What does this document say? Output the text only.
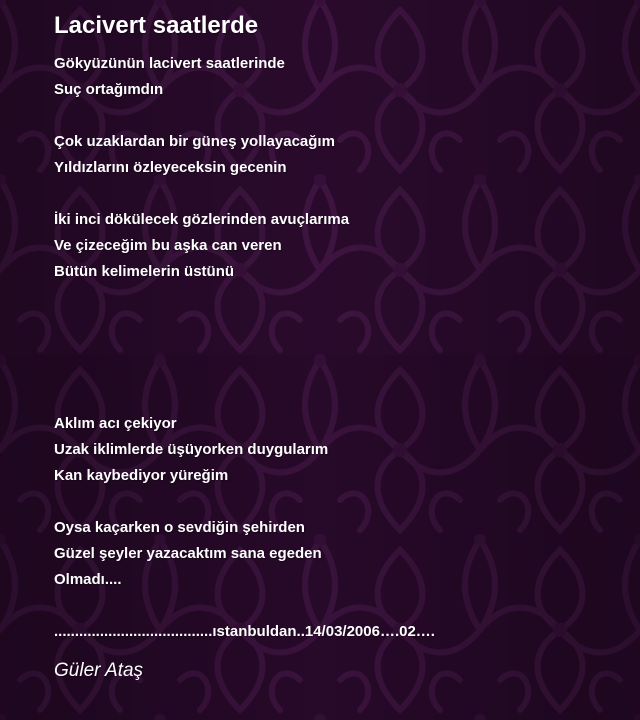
Lacivert saatlerde
Gökyüzünün lacivert saatlerinde
Suç ortağımdın
Çok uzaklardan bir güneş yollayacağım
Yıldızlarını özleyeceksin gecenin
İki inci dökülecek gözlerinden avuçlarıma
Ve çizeceğim bu aşka can veren
Bütün kelimelerin üstünü
Aklım acı çekiyor
Uzak iklimlerde üşüyorken duygularım
Kan kaybediyor yüreğim
Oysa kaçarken o sevdiğin şehirden
Güzel şeyler yazacaktım sana egeden
Olmadı....
......................................ıstanbuldan..14/03/2006….02….
Güler Ataş
